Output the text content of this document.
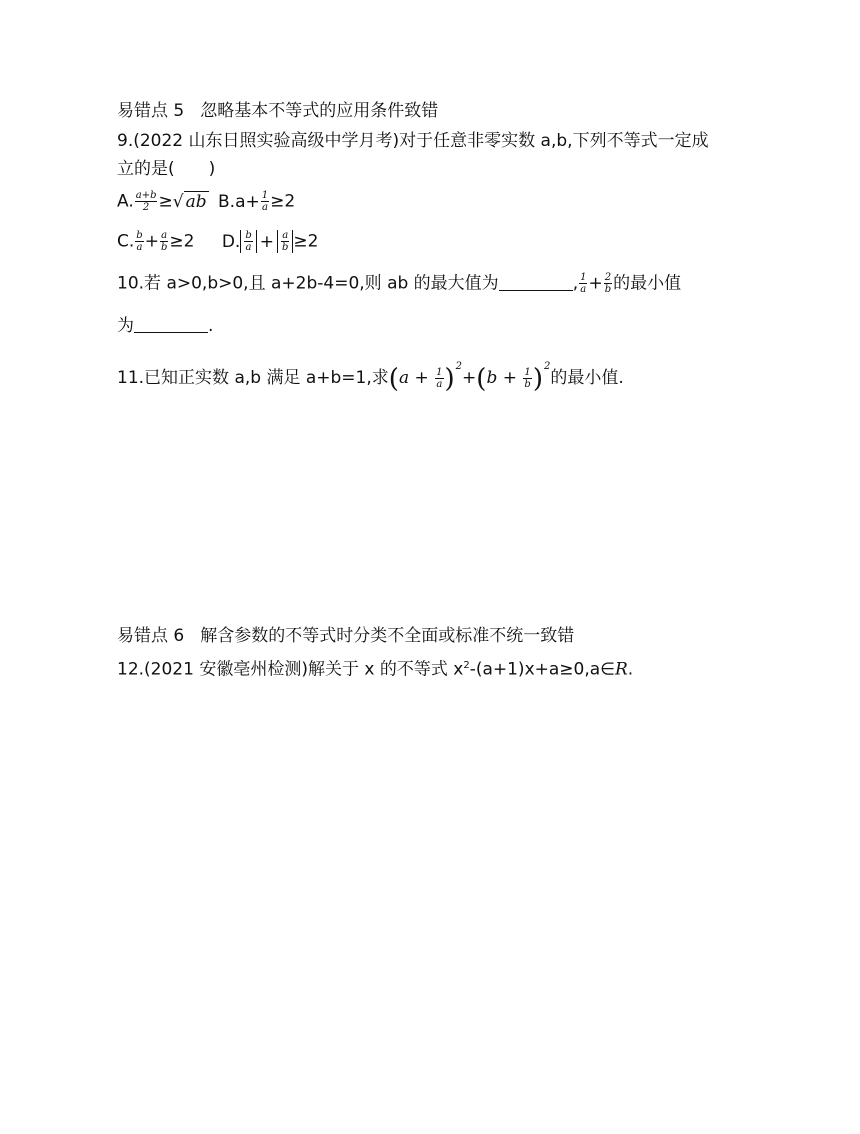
易错点 5 忽略基本不等式的应用条件致错
9.(2022 山东日照实验高级中学月考)对于任意非零实数 a,b,下列不等式一定成
立的是(　　)
A. $\frac{a+b}{2}$ ≥√ ab $B.a+ \frac{1}{a} \ge 2$
C. $\frac{b}{a} + \frac{a}{b} \ge 2$ D. $\frac{b}{a} + \frac{a}{b} \ge 2$
10.若 a>0,b>0,且 a+2b-4=0,则 ab 的最大值为	, $\frac{1}{a} + \frac{2}{b}$ 的最小值
为	.
11.已知正实数 a,b 满足 a+b=1,求$(a + \frac{1}{a} )^2+(b + \frac{1}{b} )^2$的最小值.
易错点 6 解含参数的不等式时分类不全面或标准不统一致错
12.(2021 安徽亳州检测)解关于 x 的不等式 $x^2-(a+1)x+a\ge 0,a\in R$.
